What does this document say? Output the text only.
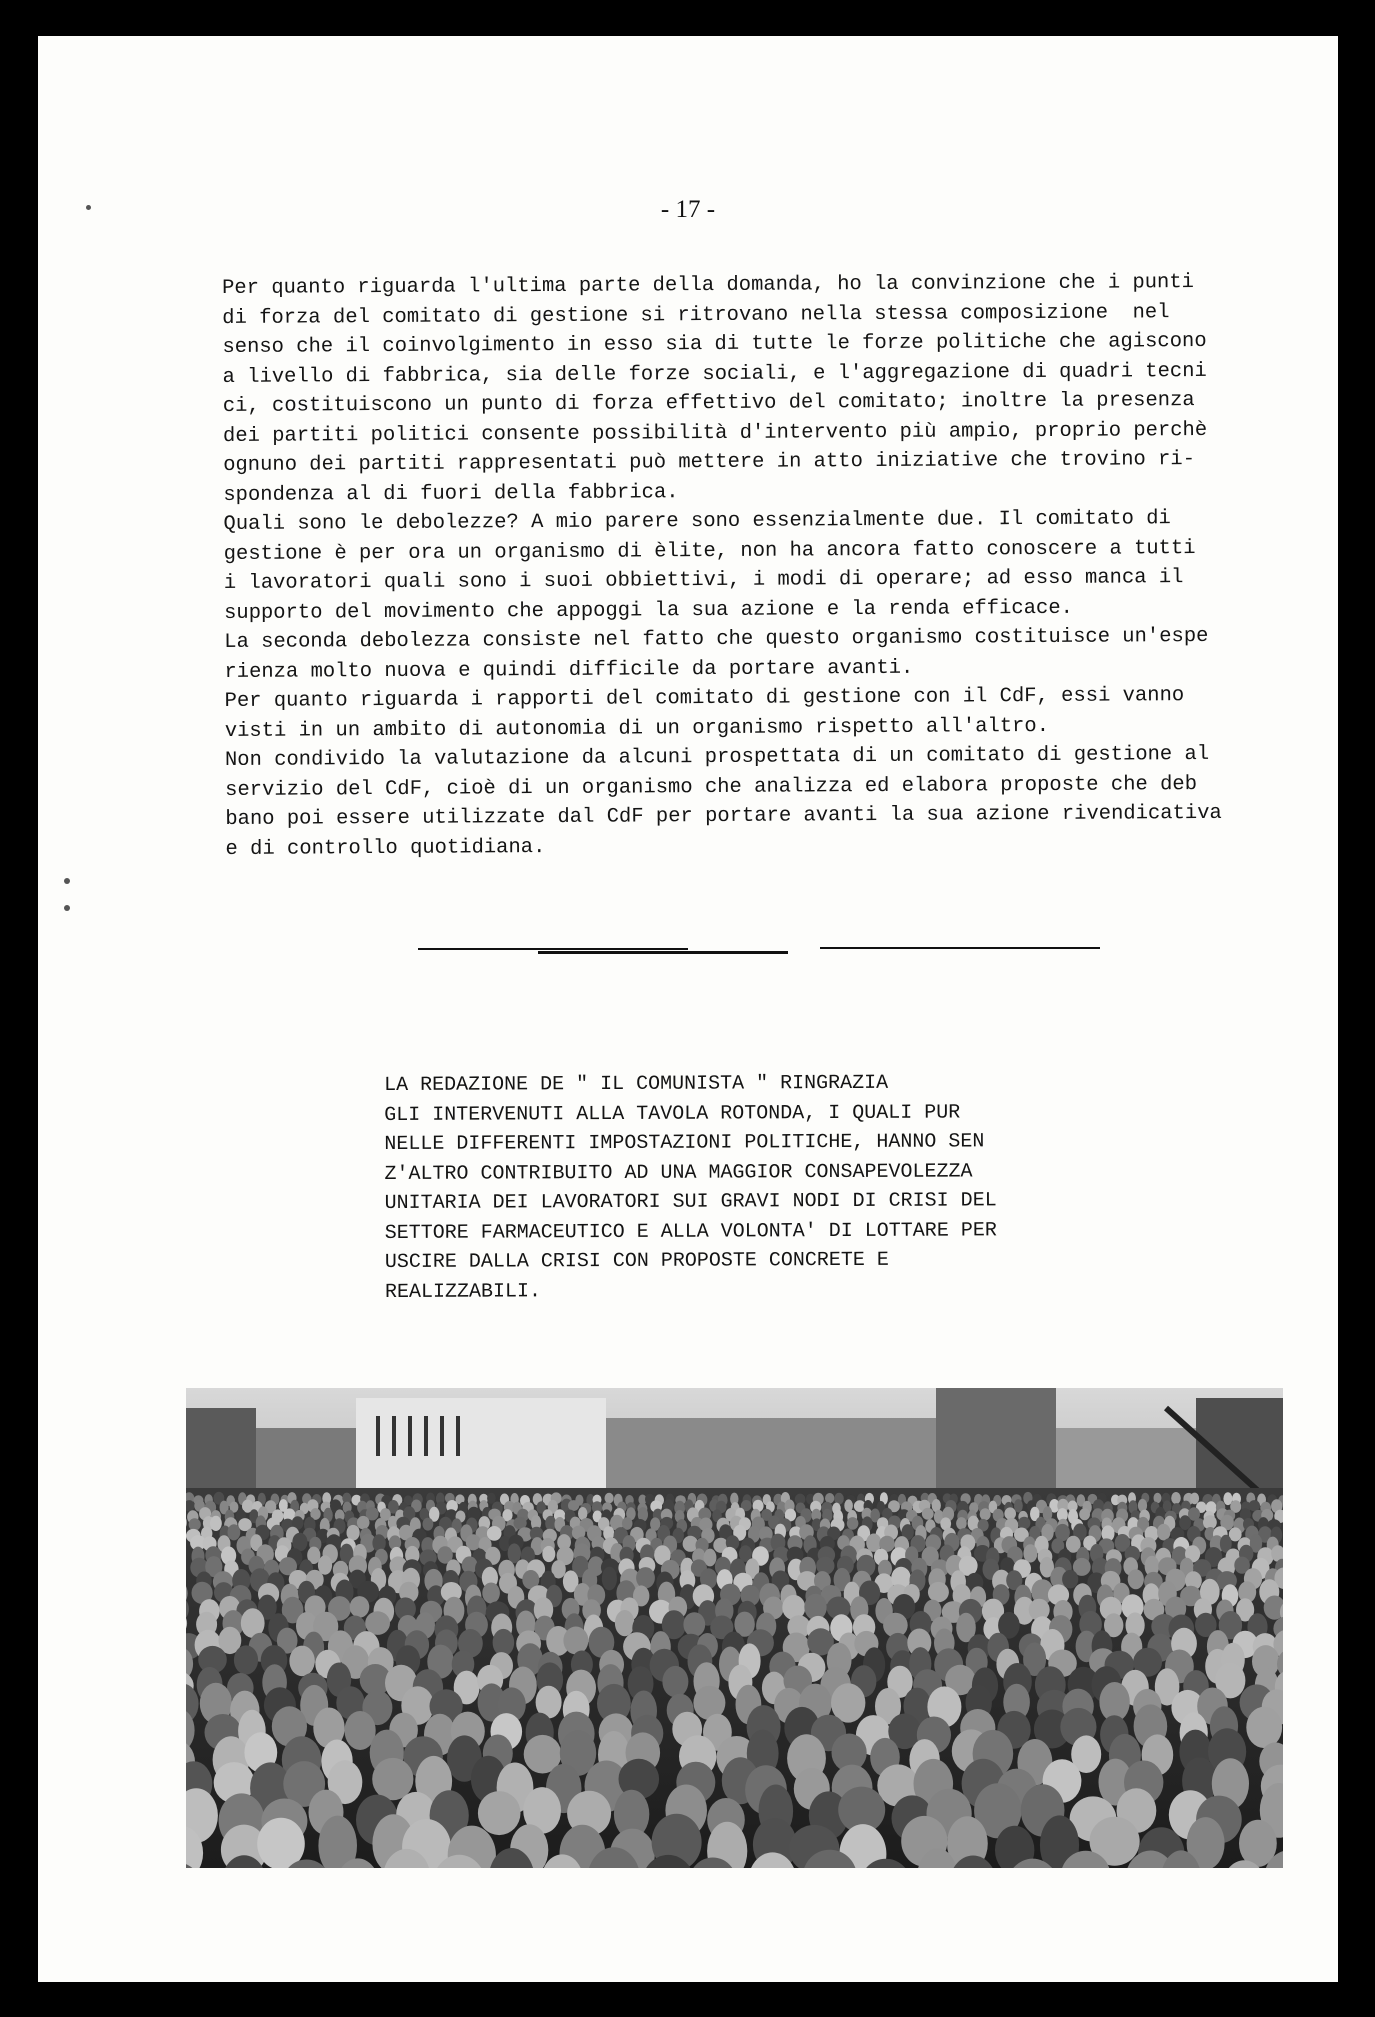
- 17 -
Per quanto riguarda l'ultima parte della domanda, ho la convinzione che i punti
di forza del comitato di gestione si ritrovano nella stessa composizione  nel
senso che il coinvolgimento in esso sia di tutte le forze politiche che agiscono
a livello di fabbrica, sia delle forze sociali, e l'aggregazione di quadri tecni
ci, costituiscono un punto di forza effettivo del comitato; inoltre la presenza
dei partiti politici consente possibilità d'intervento più ampio, proprio perchè
ognuno dei partiti rappresentati può mettere in atto iniziative che trovino ri-
spondenza al di fuori della fabbrica.
Quali sono le debolezze? A mio parere sono essenzialmente due. Il comitato di
gestione è per ora un organismo di èlite, non ha ancora fatto conoscere a tutti
i lavoratori quali sono i suoi obbiettivi, i modi di operare; ad esso manca il
supporto del movimento che appoggi la sua azione e la renda efficace.
La seconda debolezza consiste nel fatto che questo organismo costituisce un'espe
rienza molto nuova e quindi difficile da portare avanti.
Per quanto riguarda i rapporti del comitato di gestione con il CdF, essi vanno
visti in un ambito di autonomia di un organismo rispetto all'altro.
Non condivido la valutazione da alcuni prospettata di un comitato di gestione al
servizio del CdF, cioè di un organismo che analizza ed elabora proposte che deb
bano poi essere utilizzate dal CdF per portare avanti la sua azione rivendicativa
e di controllo quotidiana.
LA REDAZIONE DE " IL COMUNISTA " RINGRAZIA
GLI INTERVENUTI ALLA TAVOLA ROTONDA, I QUALI PUR
NELLE DIFFERENTI IMPOSTAZIONI POLITICHE, HANNO SEN
Z'ALTRO CONTRIBUITO AD UNA MAGGIOR CONSAPEVOLEZZA
UNITARIA DEI LAVORATORI SUI GRAVI NODI DI CRISI DEL
SETTORE FARMACEUTICO E ALLA VOLONTA' DI LOTTARE PER
USCIRE DALLA CRISI CON PROPOSTE CONCRETE E
REALIZZABILI.
